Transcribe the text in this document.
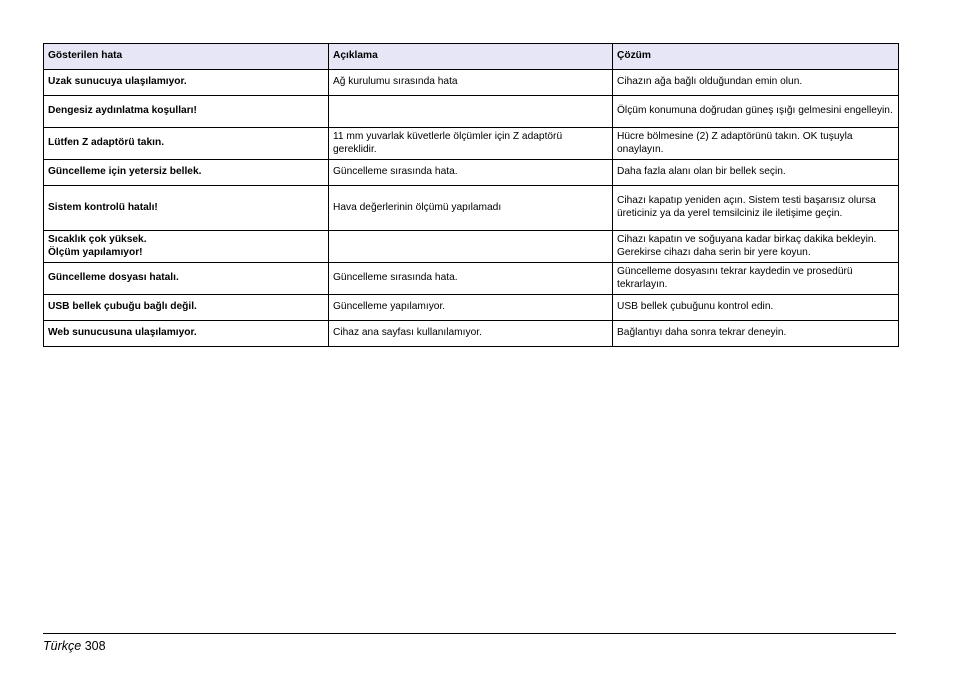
Gösterilen hata	Açıklama	Çözüm

Uzak sunucuya ulaşılamıyor.	Ağ kurulumu sırasında hata	Cihazın ağa bağlı olduğundan emin olun.

Dengesiz aydınlatma koşulları!		Ölçüm konumuna doğrudan güneş ışığı gelmesini engelleyin.

Lütfen Z adaptörü takın.	11 mm yuvarlak küvetlerle ölçümler için Z adaptörü gereklidir.	Hücre bölmesine (2) Z adaptörünü takın. OK tuşuyla onaylayın.

Güncelleme için yetersiz bellek.	Güncelleme sırasında hata.	Daha fazla alanı olan bir bellek seçin.

Sistem kontrolü hatalı!	Hava değerlerinin ölçümü yapılamadı	Cihazı kapatıp yeniden açın. Sistem testi başarısız olursa üreticiniz ya da yerel temsilciniz ile iletişime geçin.

Sıcaklık çok yüksek.
Ölçüm yapılamıyor!		Cihazı kapatın ve soğuyana kadar birkaç dakika bekleyin. Gerekirse cihazı daha serin bir yere koyun.

Güncelleme dosyası hatalı.	Güncelleme sırasında hata.	Güncelleme dosyasını tekrar kaydedin ve prosedürü tekrarlayın.

USB bellek çubuğu bağlı değil.	Güncelleme yapılamıyor.	USB bellek çubuğunu kontrol edin.

Web sunucusuna ulaşılamıyor.	Cihaz ana sayfası kullanılamıyor.	Bağlantıyı daha sonra tekrar deneyin.
Türkçe 308
